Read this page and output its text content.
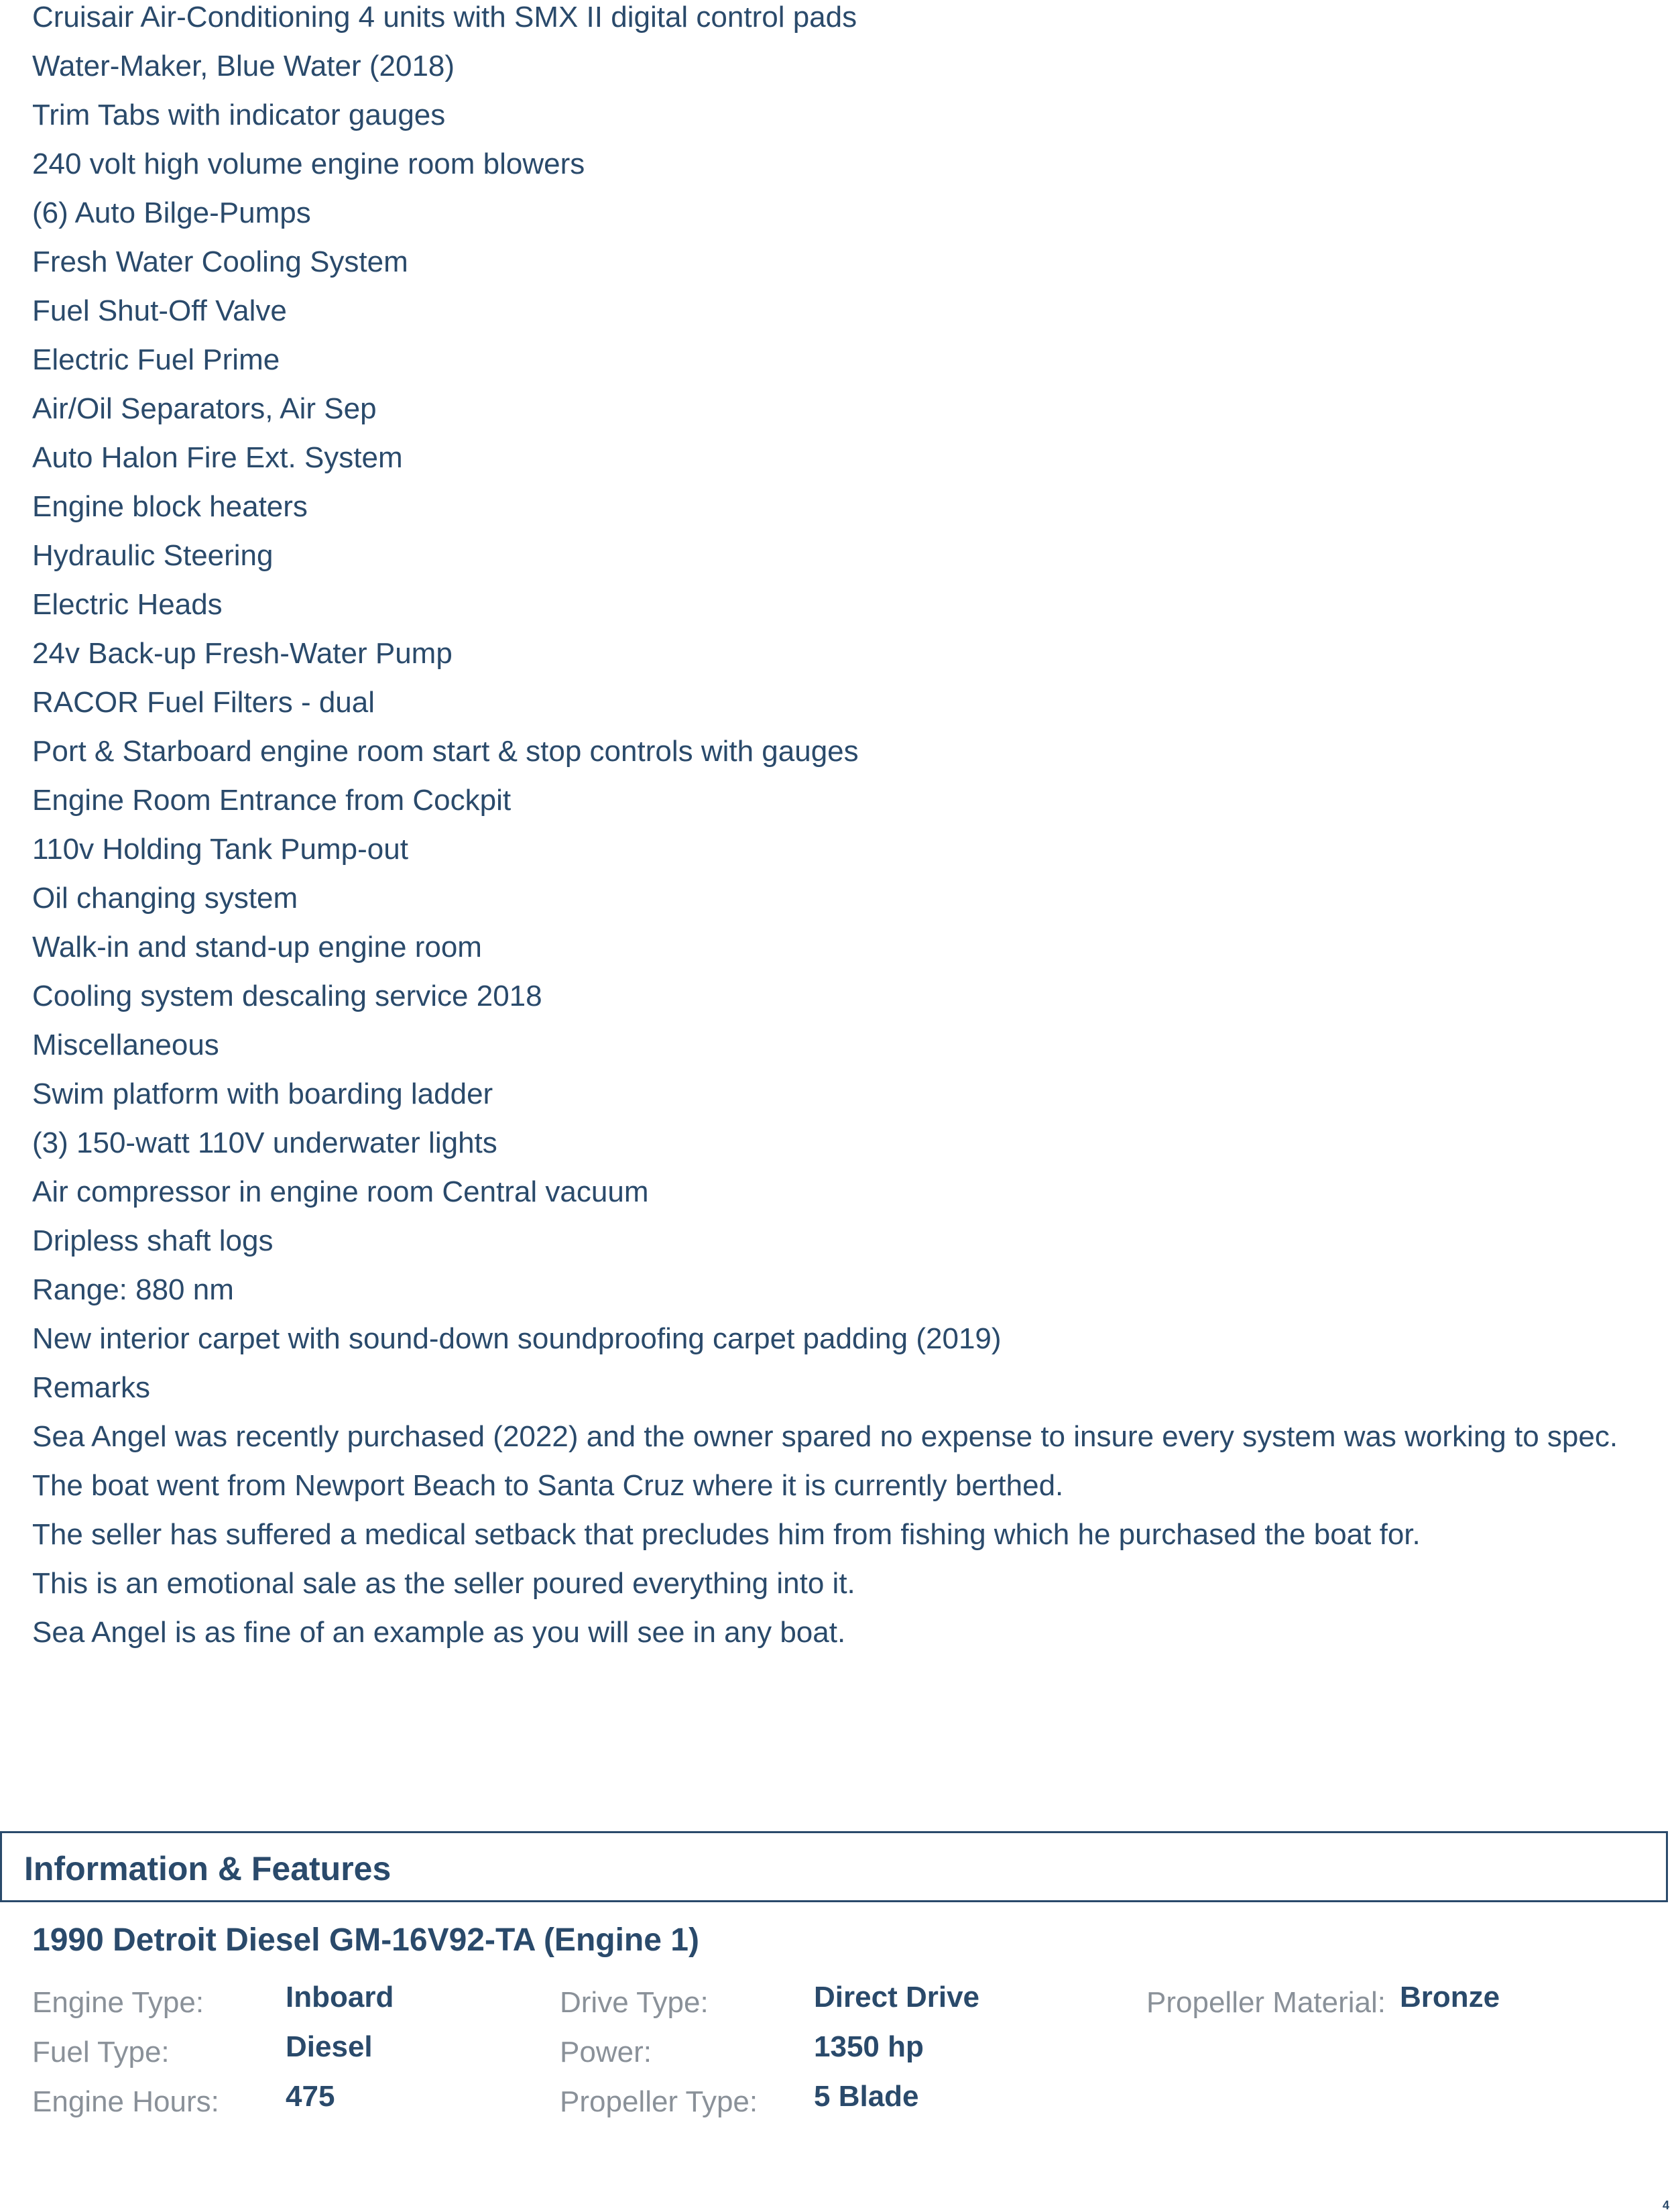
Cruisair Air-Conditioning 4 units with SMX II digital control pads
Water-Maker, Blue Water (2018)
Trim Tabs with indicator gauges
240 volt high volume engine room blowers
(6) Auto Bilge-Pumps
Fresh Water Cooling System
Fuel Shut-Off Valve
Electric Fuel Prime
Air/Oil Separators, Air Sep
Auto Halon Fire Ext. System
Engine block heaters
Hydraulic Steering
Electric Heads
24v Back-up Fresh-Water Pump
RACOR Fuel Filters - dual
Port & Starboard engine room start & stop controls with gauges
Engine Room Entrance from Cockpit
110v Holding Tank Pump-out
Oil changing system
Walk-in and stand-up engine room
Cooling system descaling service 2018
Miscellaneous
Swim platform with boarding ladder
(3) 150-watt 110V underwater lights
Air compressor in engine room Central vacuum
Dripless shaft logs
Range: 880 nm
New interior carpet with sound-down soundproofing carpet padding (2019)
Remarks
Sea Angel was recently purchased (2022) and the owner spared no expense to insure every system was working to spec.
The boat went from Newport Beach to Santa Cruz where it is currently berthed.
The seller has suffered a medical setback that precludes him from fishing which he purchased the boat for.
This is an emotional sale as the seller poured everything into it.
Sea Angel is as fine of an example as you will see in any boat.
Information & Features
1990 Detroit Diesel GM-16V92-TA (Engine 1)
Engine Type:	Inboard
Fuel Type:	Diesel
Engine Hours: 475
Drive Type:	Direct Drive
Power:	1350 hp
Propeller Type: 5 Blade
Propeller Material: Bronze
4
